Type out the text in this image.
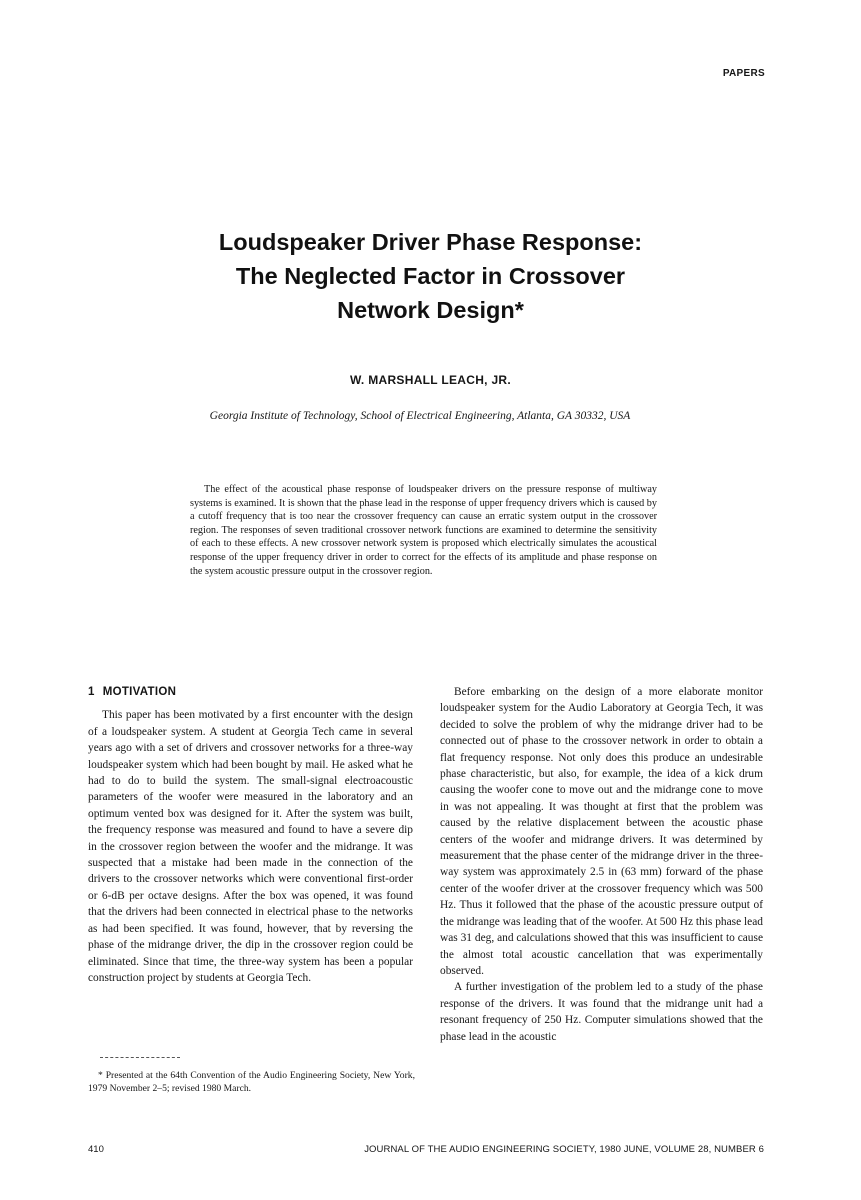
PAPERS
Loudspeaker Driver Phase Response:
The Neglected Factor in Crossover
Network Design*
W. MARSHALL LEACH, JR.
Georgia Institute of Technology, School of Electrical Engineering, Atlanta, GA 30332, USA

The effect of the acoustical phase response of loudspeaker drivers on the pressure response of multiway systems is examined. It is shown that the phase lead in the response of upper frequency drivers which is caused by a cutoff frequency that is too near the crossover frequency can cause an erratic system output in the crossover region. The responses of seven traditional crossover network functions are examined to determine the sensitivity of each to these effects. A new crossover network system is proposed which electrically simulates the acoustical response of the upper frequency driver in order to correct for the effects of its amplitude and phase response on the system acoustic pressure output in the crossover region.

1 MOTIVATION

This paper has been motivated by a first encounter with the design of a loudspeaker system. A student at Georgia Tech came in several years ago with a set of drivers and crossover networks for a three-way loudspeaker system which had been bought by mail. He asked what he had to do to build the system. The small-signal electroacoustic parameters of the woofer were measured in the laboratory and an optimum vented box was designed for it. After the system was built, the frequency response was measured and found to have a severe dip in the crossover region between the woofer and the midrange. It was suspected that a mistake had been made in the connection of the drivers to the crossover networks which were conventional first-order or 6-dB per octave designs. After the box was opened, it was found that the drivers had been connected in electrical phase to the networks as had been specified. It was found, however, that by reversing the phase of the midrange driver, the dip in the crossover region could be eliminated. Since that time, the three-way system has been a popular construction project by students at Georgia Tech.

Before embarking on the design of a more elaborate monitor loudspeaker system for the Audio Laboratory at Georgia Tech, it was decided to solve the problem of why the midrange driver had to be connected out of phase to the crossover network in order to obtain a flat frequency response. Not only does this produce an undesirable phase characteristic, but also, for example, the idea of a kick drum causing the woofer cone to move out and the midrange cone to move in was not appealing. It was thought at first that the problem was caused by the relative displacement between the acoustic phase centers of the woofer and midrange drivers. It was determined by measurement that the phase center of the midrange driver in the three-way system was approximately 2.5 in (63 mm) forward of the phase center of the woofer driver at the crossover frequency which was 500 Hz. Thus it followed that the phase of the acoustic pressure output of the midrange was leading that of the woofer. At 500 Hz this phase lead was 31 deg, and calculations showed that this was insufficient to cause the almost total acoustic cancellation that was experimentally observed.

A further investigation of the problem led to a study of the phase response of the drivers. It was found that the midrange unit had a resonant frequency of 250 Hz. Computer simulations showed that the phase lead in the acoustic

* Presented at the 64th Convention of the Audio Engineering Society, New York, 1979 November 2–5; revised 1980 March.
410	JOURNAL OF THE AUDIO ENGINEERING SOCIETY, 1980 JUNE, VOLUME 28, NUMBER 6
